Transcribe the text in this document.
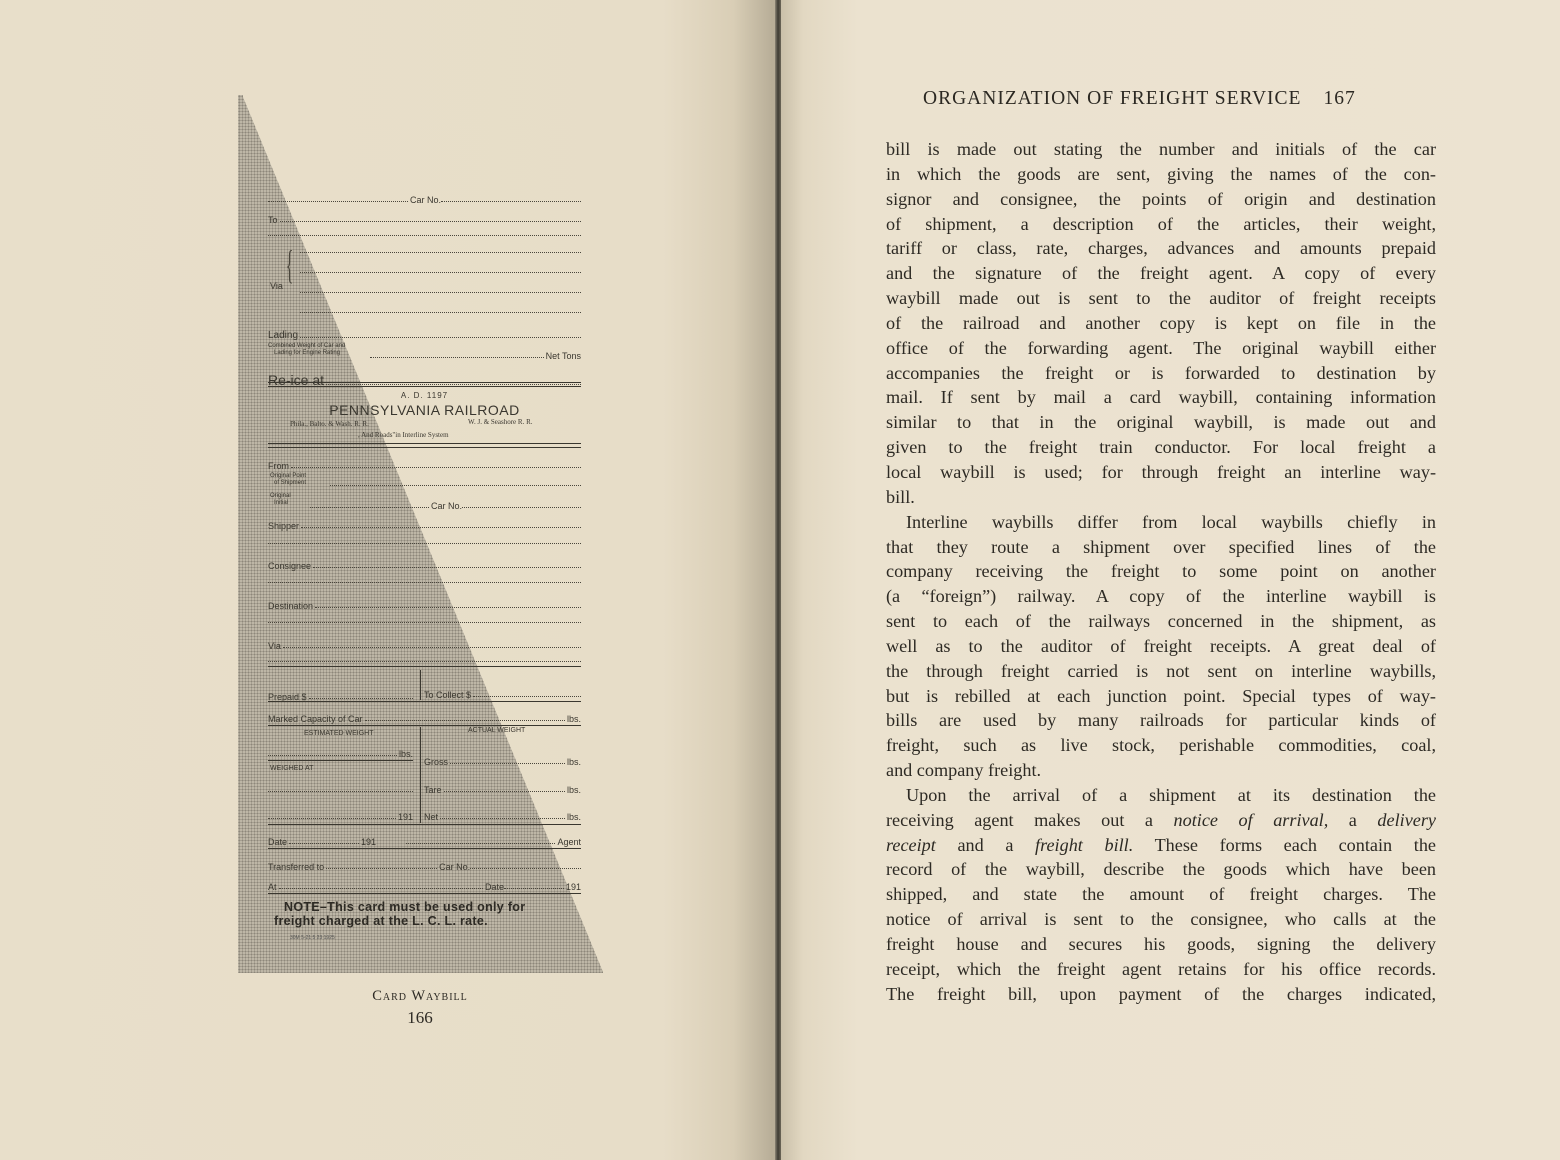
Car No.
To
{
Via
Lading
Combined Weight of Car and
Lading for Engine Rating	Net Tons
Re-ice at
A. D. 1197
PENNSYLVANIA RAILROAD
Phila., Balto. & Wash. R. R.	W. J. & Seashore R. R.
, And Roads"in Interline System
From
Original Point
of Shipment
Original
Initial	Car No.
Shipper
Consignee
Destination
Via
Prepaid $	To Collect $
Marked Capacity of Car	lbs.
ESTIMATED WEIGHT	ACTUAL WEIGHT
lbs.
WEIGHED AT
191
Gross	lbs.
Tare	lbs.
Net	lbs.
Date	191	Agent
Transferred to	Car No.
At	Date	191
NOTE–This card must be used only for
freight charged at the L. C. L. rate.
30M 5-21 5 23 1925
Card Waybill
166
ORGANIZATION OF FREIGHT SERVICE 167
bill is made out stating the number and initials of the car
in which the goods are sent, giving the names of the con-
signor and consignee, the points of origin and destination
of shipment, a description of the articles, their weight,
tariff or class, rate, charges, advances and amounts prepaid
and the signature of the freight agent. A copy of every
waybill made out is sent to the auditor of freight receipts
of the railroad and another copy is kept on file in the
office of the forwarding agent. The original waybill either
accompanies the freight or is forwarded to destination by
mail. If sent by mail a card waybill, containing information
similar to that in the original waybill, is made out and
given to the freight train conductor. For local freight a
local waybill is used; for through freight an interline way-
bill.
Interline waybills differ from local waybills chiefly in
that they route a shipment over specified lines of the
company receiving the freight to some point on another
(a “foreign”) railway. A copy of the interline waybill is
sent to each of the railways concerned in the shipment, as
well as to the auditor of freight receipts. A great deal of
the through freight carried is not sent on interline waybills,
but is rebilled at each junction point. Special types of way-
bills are used by many railroads for particular kinds of
freight, such as live stock, perishable commodities, coal,
and company freight.
Upon the arrival of a shipment at its destination the
receiving agent makes out a notice of arrival, a delivery
receipt and a freight bill. These forms each contain the
record of the waybill, describe the goods which have been
shipped, and state the amount of freight charges. The
notice of arrival is sent to the consignee, who calls at the
freight house and secures his goods, signing the delivery
receipt, which the freight agent retains for his office records.
The freight bill, upon payment of the charges indicated,
